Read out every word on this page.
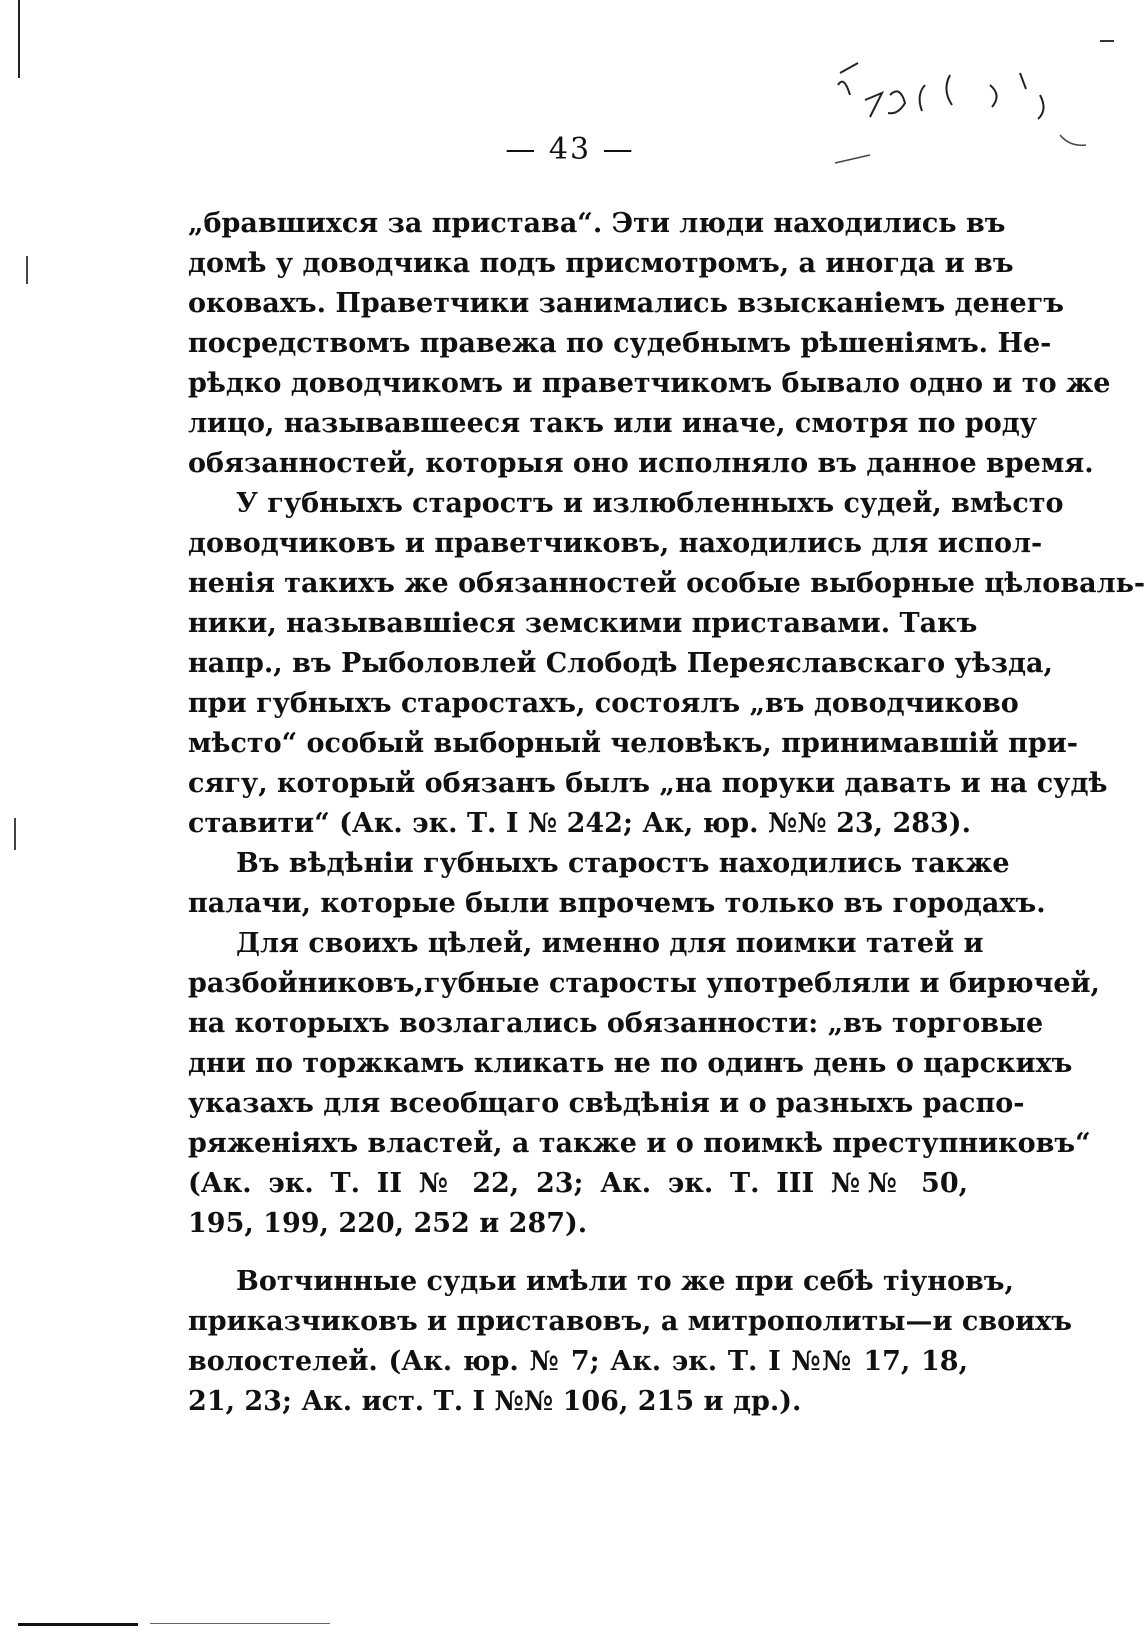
— 43 —
„бравшихся за пристава“. Эти люди находились въ
домѣ у доводчика подъ присмотромъ, а иногда и въ
оковахъ. Праветчики занимались взысканіемъ денегъ
посредствомъ правежа по судебнымъ рѣшеніямъ. Не-
рѣдко доводчикомъ и праветчикомъ бывало одно и то же
лицо, называвшееся такъ или иначе, смотря по роду
обязанностей, которыя оно исполняло въ данное время.
У губныхъ старостъ и излюбленныхъ судей, вмѣсто
доводчиковъ и праветчиковъ, находились для испол-
ненія такихъ же обязанностей особые выборные цѣловаль-
ники, называвшіеся земскими приставами. Такъ
напр., въ Рыболовлей Слободѣ Переяславскаго уѣзда,
при губныхъ старостахъ, состоялъ „въ доводчиково
мѣсто“ особый выборный человѣкъ, принимавшій при-
сягу, который обязанъ былъ „на поруки давать и на судѣ
ставити“ (Ак. эк. Т. I № 242; Ак, юр. №№ 23, 283).
Въ вѣдѣніи губныхъ старостъ находились также
палачи, которые были впрочемъ только въ городахъ.
Для своихъ цѣлей, именно для поимки татей и
разбойниковъ,губные старосты употребляли и бирючей,
на которыхъ возлагались обязанности: „въ торговые
дни по торжкамъ кликать не по одинъ день о царскихъ
указахъ для всеобщаго свѣдѣнія и о разныхъ распо-
ряженіяхъ властей, а также и о поимкѣ преступниковъ“
(Ак. эк. Т. II № 22, 23; Ак. эк. Т. III №№ 50,
195, 199, 220, 252 и 287).
Вотчинные судьи имѣли то же при себѣ тіуновъ,
приказчиковъ и приставовъ, а митрополиты—и своихъ
волостелей. (Ак. юр. № 7; Ак. эк. Т. I №№ 17, 18,
21, 23; Ак. ист. Т. I №№ 106, 215 и др.).
